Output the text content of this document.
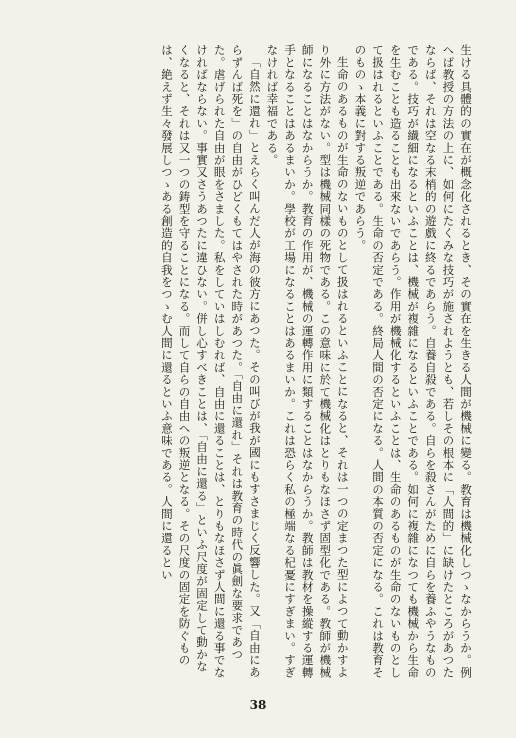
生ける具體的の實在が概念化されるとき、その實在を生きる人間が機械に變る。教育は機械化しつゝなからうか。例へば教授の方法の上に、如何にたくみな技巧が施されようとも、若しその根本に「人間的」に缺けたところがあつたならば、それは空なる末梢的の遊戲に終るであらう。自養自殺である。自らを殺さんがために自らを養ふやうなものである。技巧が纎細になるといふことは、機械が複雜になるといふことである。如何に複雜になつても機械から生命を生むことも造ることも出來ないであらう。作用が機械化するといふことは、生命のあるものが生命のないものとして扱はれるといふことである。生命の否定である。終局人間の否定になる。人間の本質の否定になる。これは教育そのものゝ本義に對する叛逆であらう。

生命のあるものが生命のないものとして扱はれるといふことになると、それは一つの定まつた型によつて動かすより外に方法がない。型は機械同樣の死物である。この意味に於て機械化はとりもなほさず固型化である。教師が機械師になることはなからうか。教育の作用が、機械の運轉作用に類することはなからうか。教師は教材を操縱する運轉手となることはあるまいか。學校が工場になることはあるまいか。これは恐らく私の極端なる杞憂にすぎまい。すぎなければ幸福である。

「自然に還れ」とえらく叫んだ人が海の彼方にあつた。その叫びが我が國にもすさまじく反響した。又「自由にあらずんば死を」の自由がひどくもてはやされた時があつた。「自由に還れ」それは教育の時代の眞劍な要求であつた。虐げられた自由が眼をさました。私をしていはしむれば、自由に還ることは、とりもなほさず人間に還る事でなければならない。事實又さうあつたに違ひない。併し心すべきことは、「自由に還る」といふ尺度が固定して動かなくなると、それは又一つの鋳型を守ることになる。而して自らの自由への叛逆となる。その尺度の固定を防ぐものは、絶えず生々發展しつゝある創造的自我をつゝむ人間に還るといふ意味である。人間に還るとい

38
